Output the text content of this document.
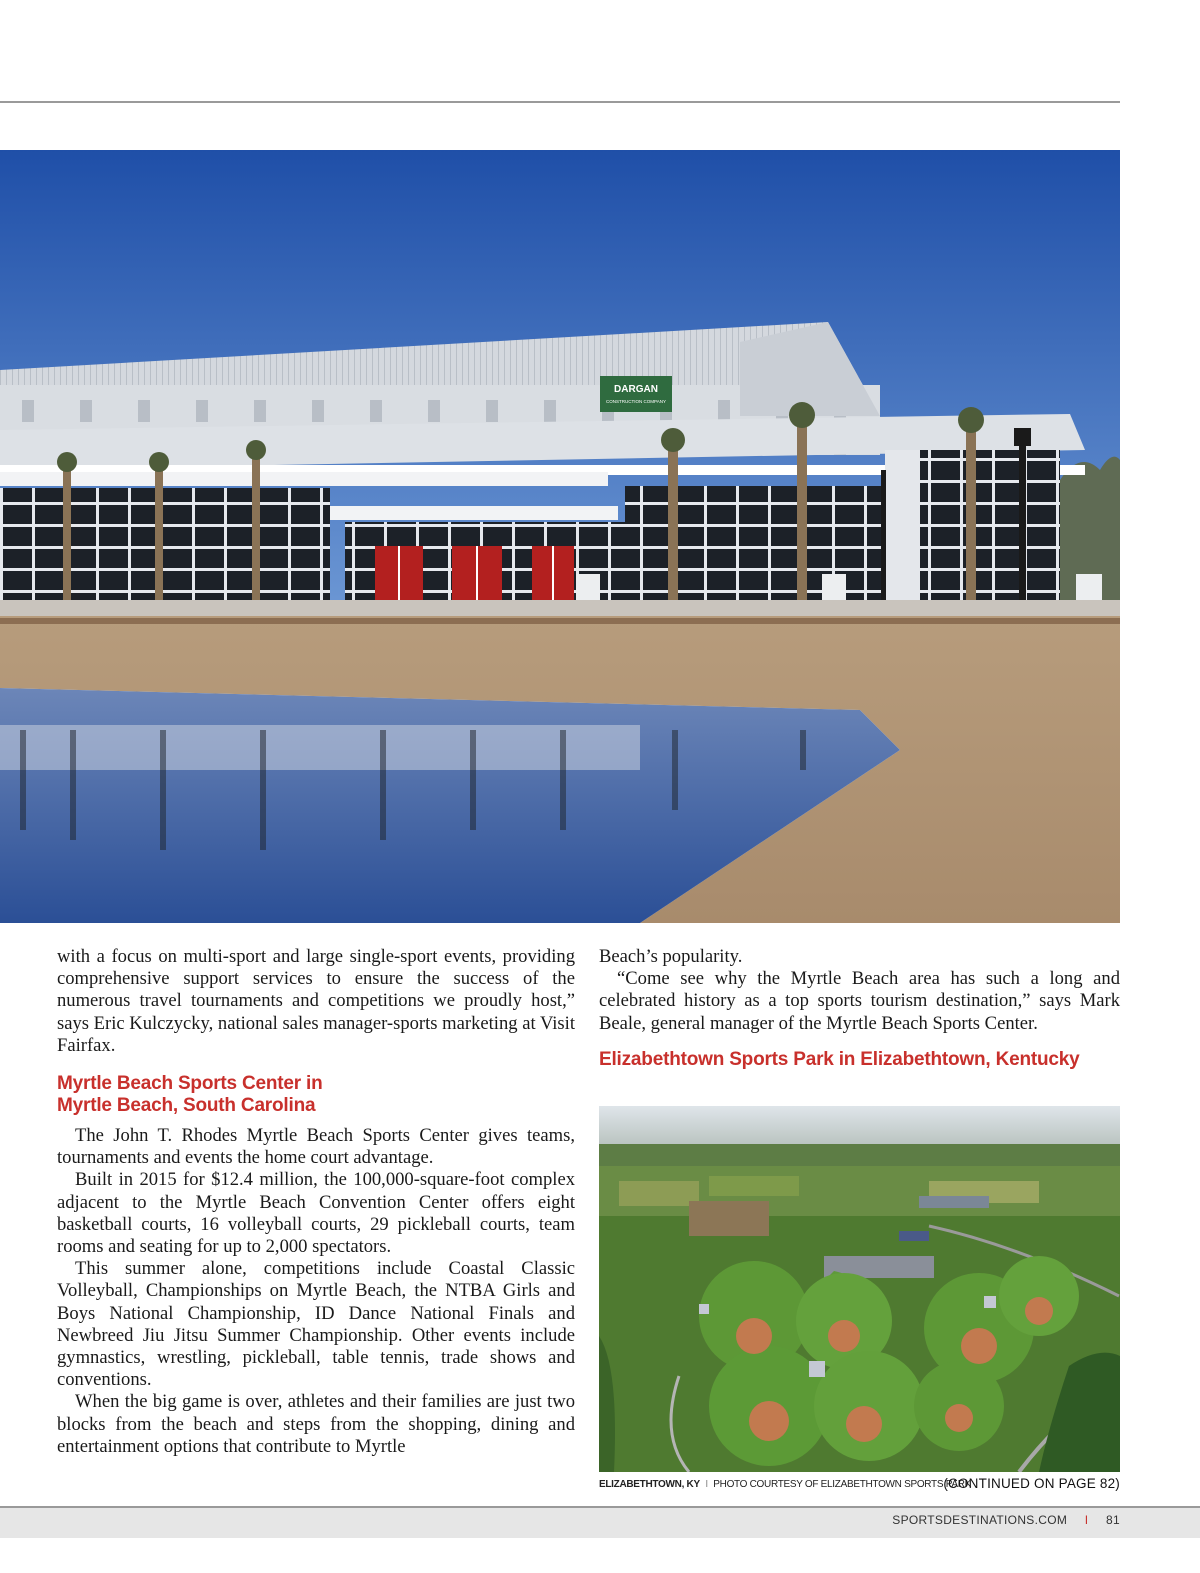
DARGAN
CONSTRUCTION COMPANY

with a focus on multi-sport and large single-sport events, providing comprehensive support services to ensure the success of the numerous travel tournaments and competitions we proudly host,” says Eric Kulczycky, national sales manager-sports marketing at Visit Fairfax.

Myrtle Beach Sports Center in
Myrtle Beach, South Carolina

The John T. Rhodes Myrtle Beach Sports Center gives teams, tournaments and events the home court advantage.

Built in 2015 for $12.4 million, the 100,000-square-foot complex adjacent to the Myrtle Beach Convention Center offers eight basketball courts, 16 volleyball courts, 29 pickleball courts, team rooms and seating for up to 2,000 spectators.

This summer alone, competitions include Coastal Classic Volleyball, Championships on Myrtle Beach, the NTBA Girls and Boys National Championship, ID Dance National Finals and Newbreed Jiu Jitsu Summer Championship. Other events include gymnastics, wrestling, pickleball, table tennis, trade shows and conventions.

When the big game is over, athletes and their families are just two blocks from the beach and steps from the shopping, dining and entertainment options that contribute to Myrtle

Beach’s popularity.

“Come see why the Myrtle Beach area has such a long and celebrated history as a top sports tourism destination,” says Mark Beale, general manager of the Myrtle Beach Sports Center.

Elizabethtown Sports Park in Elizabethtown, Kentucky
ELIZABETHTOWN, KY I PHOTO COURTESY OF ELIZABETHTOWN SPORTS PARK
(CONTINUED ON PAGE 82)
SPORTSDESTINATIONS.COM I 81
